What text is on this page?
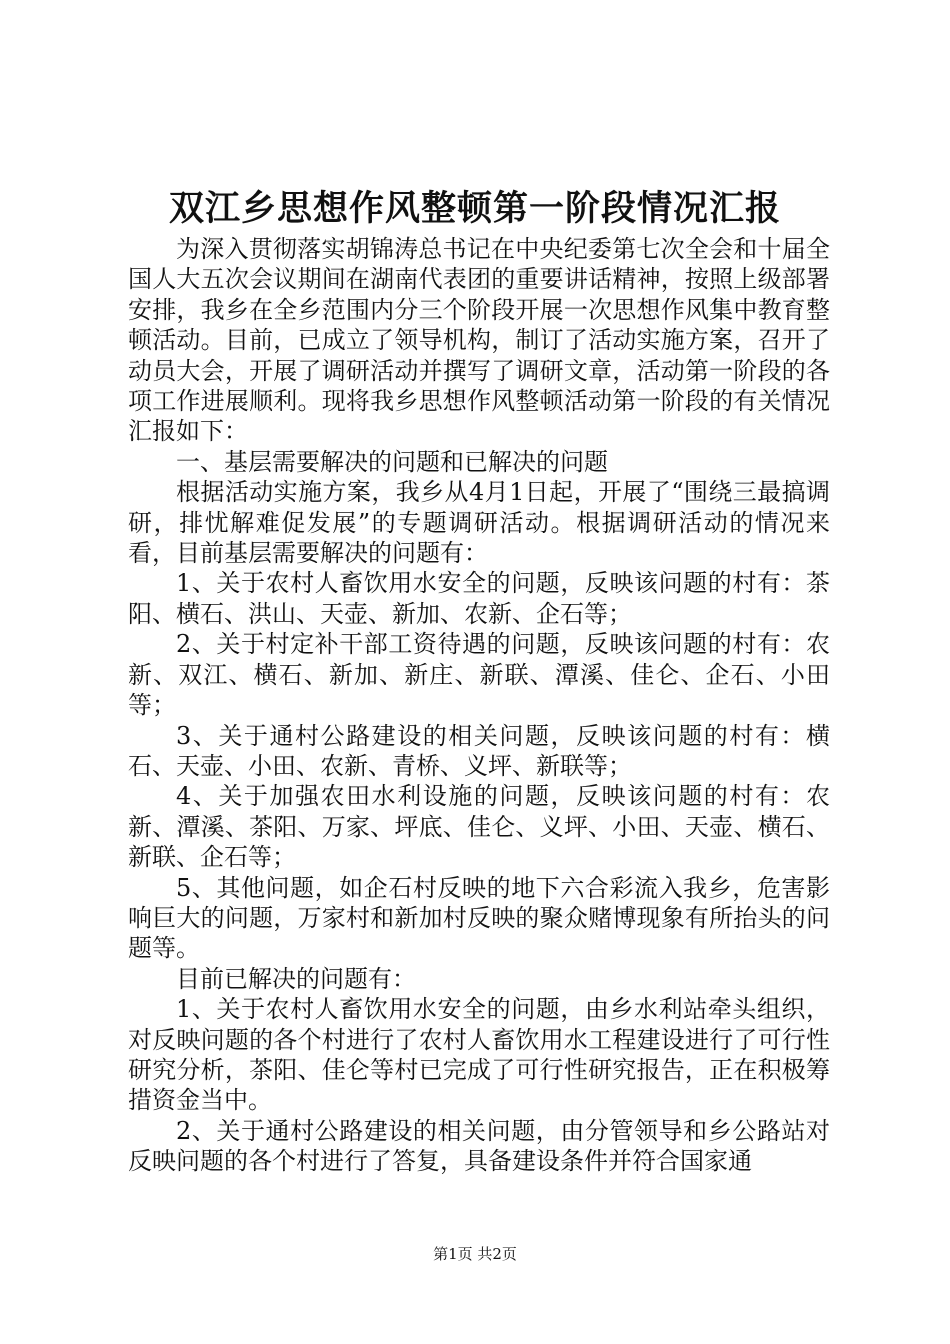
双江乡思想作风整顿第一阶段情况汇报

为深入贯彻落实胡锦涛总书记在中央纪委第七次全会和十届全国人大五次会议期间在湖南代表团的重要讲话精神，按照上级部署安排，我乡在全乡范围内分三个阶段开展一次思想作风集中教育整顿活动。目前，已成立了领导机构，制订了活动实施方案，召开了动员大会，开展了调研活动并撰写了调研文章，活动第一阶段的各项工作进展顺利。现将我乡思想作风整顿活动第一阶段的有关情况汇报如下：

一、基层需要解决的问题和已解决的问题

根据活动实施方案，我乡从4月1日起，开展了“围绕三最搞调研，排忧解难促发展”的专题调研活动。根据调研活动的情况来看，目前基层需要解决的问题有：

1、关于农村人畜饮用水安全的问题，反映该问题的村有：茶阳、横石、洪山、天壶、新加、农新、企石等；

2、关于村定补干部工资待遇的问题，反映该问题的村有：农新、双江、横石、新加、新庄、新联、潭溪、佳仑、企石、小田等；

3、关于通村公路建设的相关问题，反映该问题的村有：横石、天壶、小田、农新、青桥、义坪、新联等；

4、关于加强农田水利设施的问题，反映该问题的村有：农新、潭溪、茶阳、万家、坪底、佳仑、义坪、小田、天壶、横石、新联、企石等；

5、其他问题，如企石村反映的地下六合彩流入我乡，危害影响巨大的问题，万家村和新加村反映的聚众赌博现象有所抬头的问题等。

目前已解决的问题有：

1、关于农村人畜饮用水安全的问题，由乡水利站牵头组织，对反映问题的各个村进行了农村人畜饮用水工程建设进行了可行性研究分析，茶阳、佳仑等村已完成了可行性研究报告，正在积极筹措资金当中。

2、关于通村公路建设的相关问题，由分管领导和乡公路站对反映问题的各个村进行了答复，具备建设条件并符合国家通

第1页 共2页
